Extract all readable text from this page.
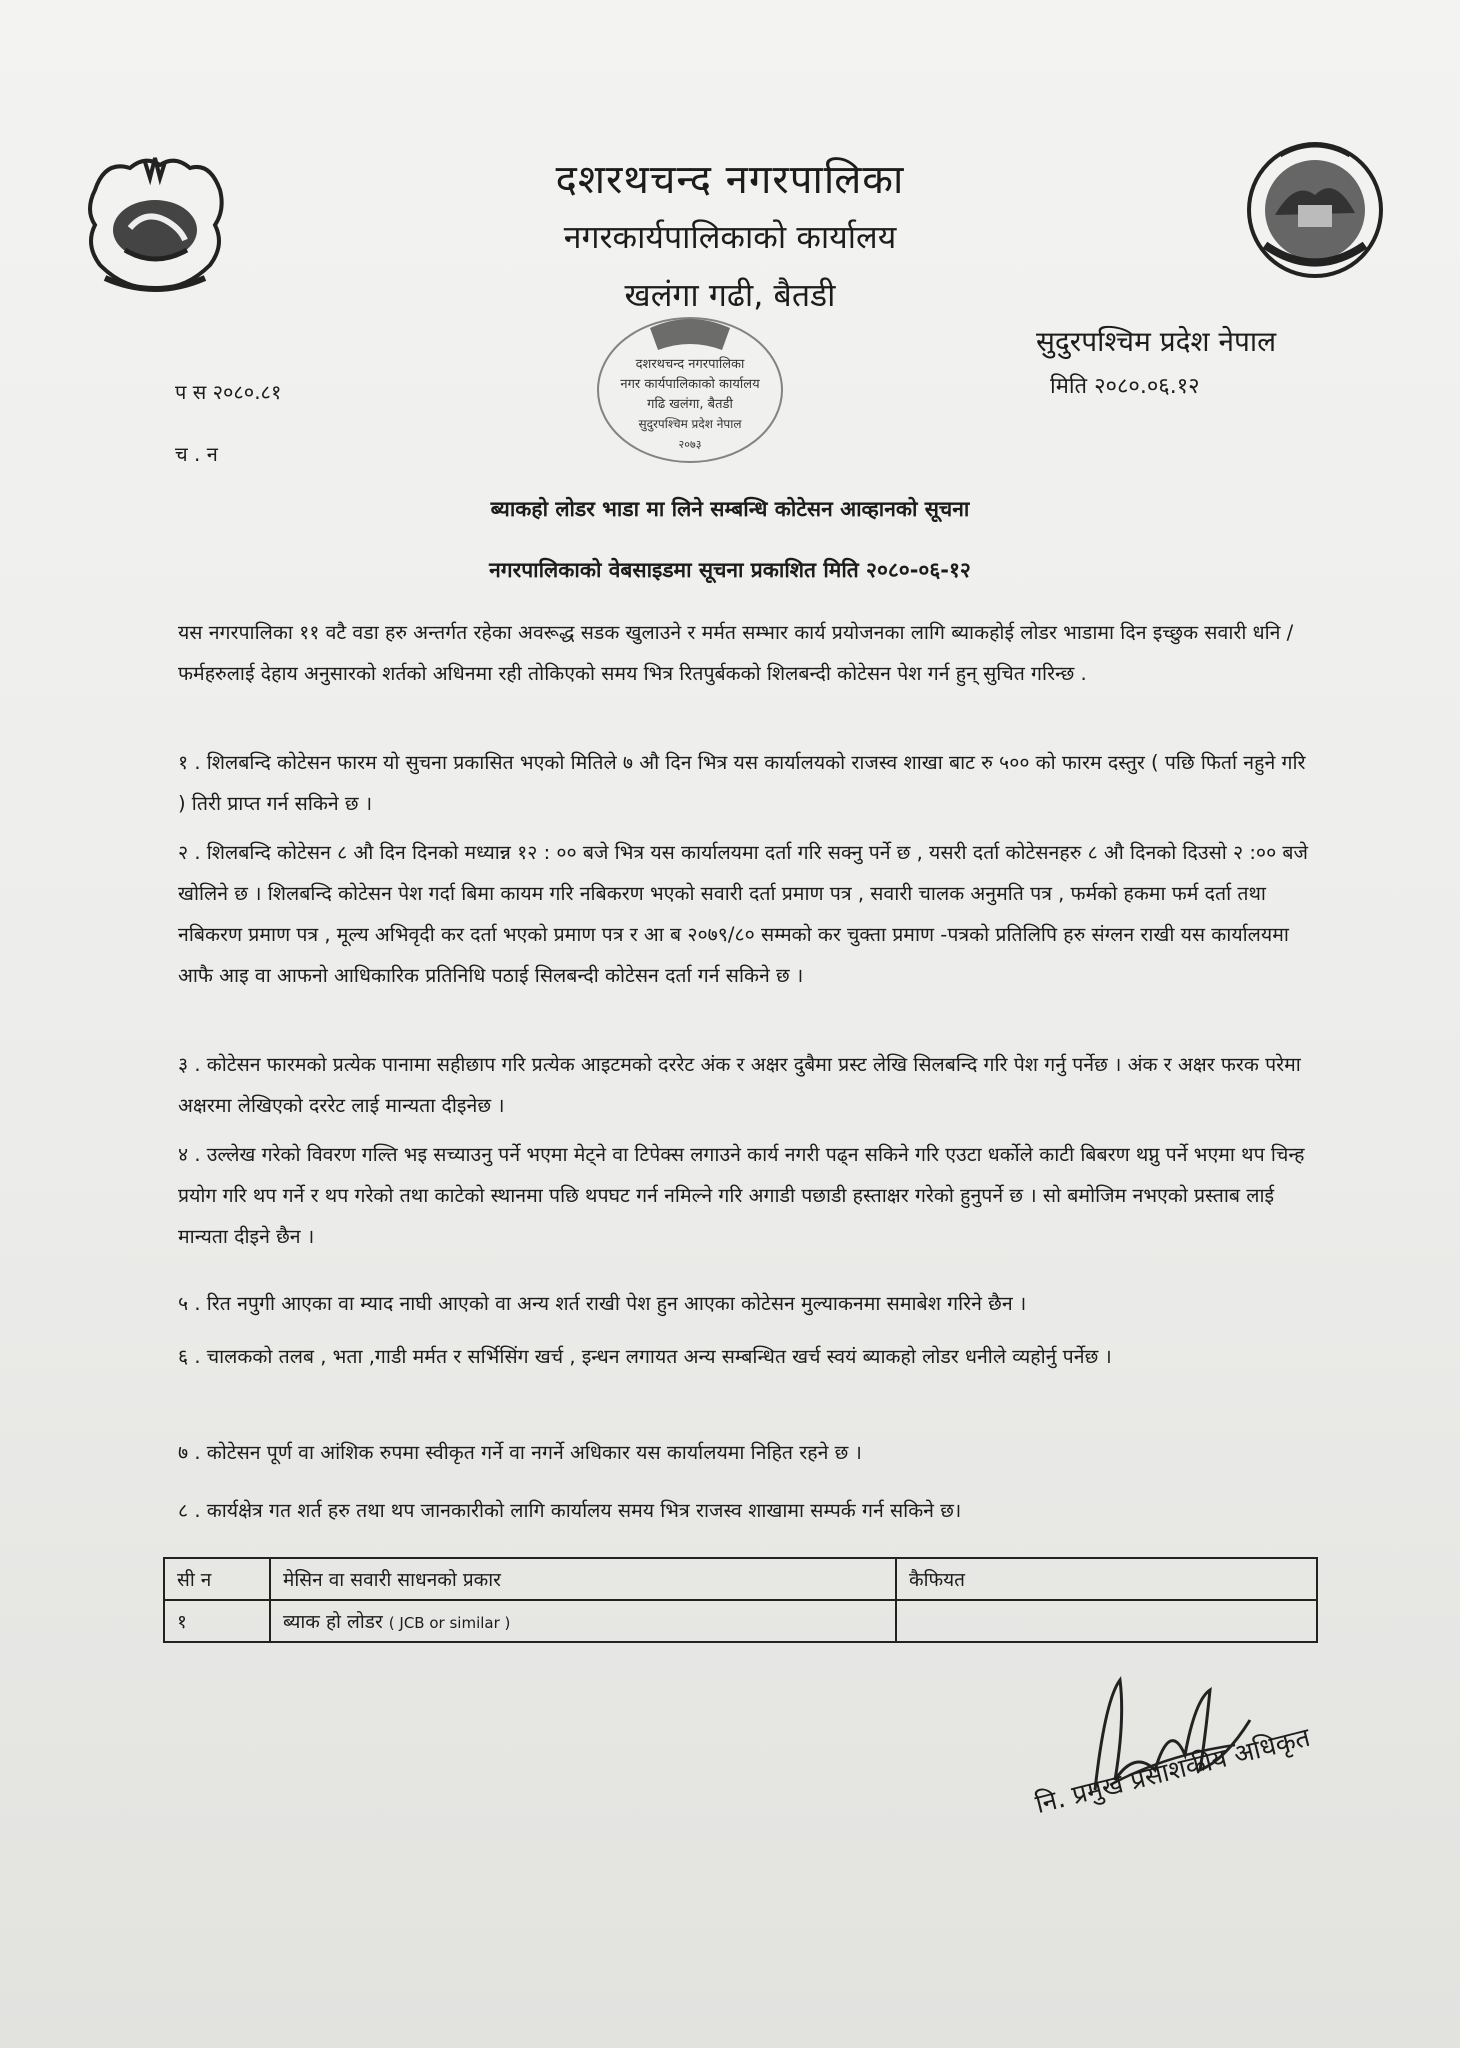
दशरथचन्द नगरपालिका
नगरकार्यपालिकाको कार्यालय
खलंगा गढी, बैतडी
सुदुरपश्चिम प्रदेश नेपाल
मिति २०८०.०६.१२
प स २०८०.८१
च . न
दशरथचन्द नगरपालिका
नगर कार्यपालिकाको कार्यालय
गढि खलंगा, बैतडी
सुदुरपश्चिम प्रदेश नेपाल
२०७३
ब्याकहो लोडर भाडा मा लिने सम्बन्धि कोटेसन आव्हानको सूचना
नगरपालिकाको वेबसाइडमा सूचना प्रकाशित मिति २०८०-०६-१२

यस नगरपालिका ११ वटै वडा हरु अन्तर्गत रहेका अवरूद्ध सडक खुलाउने र मर्मत सम्भार कार्य प्रयोजनका लागि ब्याकहोई लोडर भाडामा दिन इच्छुक सवारी धनि / फर्महरुलाई देहाय अनुसारको शर्तको अधिनमा रही तोकिएको समय भित्र रितपुर्बकको शिलबन्दी कोटेसन पेश गर्न हुन् सुचित गरिन्छ .

१ . शिलबन्दि कोटेसन फारम यो सुचना प्रकासित भएको मितिले ७ औ दिन भित्र यस कार्यालयको राजस्व शाखा बाट रु ५०० को फारम दस्तुर ( पछि फिर्ता नहुने गरि ) तिरी प्राप्त गर्न सकिने छ ।

२ . शिलबन्दि कोटेसन ८ औ दिन दिनको मध्यान्न १२ : ०० बजे भित्र यस कार्यालयमा दर्ता गरि सक्नु पर्ने छ , यसरी दर्ता कोटेसनहरु ८ औ दिनको दिउसो २ :०० बजे खोलिने छ । शिलबन्दि कोटेसन पेश गर्दा बिमा कायम गरि नबिकरण भएको सवारी दर्ता प्रमाण पत्र , सवारी चालक अनुमति पत्र , फर्मको हकमा फर्म दर्ता तथा नबिकरण प्रमाण पत्र , मूल्य अभिवृदी कर दर्ता भएको प्रमाण पत्र र आ ब २०७९/८० सम्मको कर चुक्ता प्रमाण -पत्रको प्रतिलिपि हरु संग्लन राखी यस कार्यालयमा आफै आइ वा आफनो आधिकारिक प्रतिनिधि पठाई सिलबन्दी कोटेसन दर्ता गर्न सकिने छ ।

३ . कोटेसन फारमको प्रत्येक पानामा सहीछाप गरि प्रत्येक आइटमको दररेट अंक र अक्षर दुबैमा प्रस्ट लेखि सिलबन्दि गरि पेश गर्नु पर्नेछ । अंक र अक्षर फरक परेमा अक्षरमा लेखिएको दररेट लाई मान्यता दीइनेछ ।

४ . उल्लेख गरेको विवरण गल्ति भइ सच्याउनु पर्ने भएमा मेट्ने वा टिपेक्स लगाउने कार्य नगरी पढ्न सकिने गरि एउटा धर्कोले काटी बिबरण थप्नु पर्ने भएमा थप चिन्ह प्रयोग गरि थप गर्ने र थप गरेको तथा काटेको स्थानमा पछि थपघट गर्न नमिल्ने गरि अगाडी पछाडी हस्ताक्षर गरेको हुनुपर्ने छ । सो बमोजिम नभएको प्रस्ताब लाई मान्यता दीइने छैन ।

५ . रित नपुगी आएका वा म्याद नाघी आएको वा अन्य शर्त राखी पेश हुन आएका कोटेसन मुल्याकनमा समाबेश गरिने छैन ।

६ . चालकको तलब , भता ,गाडी मर्मत र सर्भिसिंग खर्च , इन्धन लगायत अन्य सम्बन्धित खर्च स्वयं ब्याकहो लोडर धनीले व्यहोर्नु पर्नेछ ।

७ . कोटेसन पूर्ण वा आंशिक रुपमा स्वीकृत गर्ने वा नगर्ने अधिकार यस कार्यालयमा निहित रहने छ ।

८ . कार्यक्षेत्र गत शर्त हरु तथा थप जानकारीको लागि कार्यालय समय भित्र राजस्व शाखामा सम्पर्क गर्न सकिने छ।

सी न	मेसिन वा सवारी साधनको प्रकार	कैफियत
१	ब्याक हो लोडर ( JCB or similar )	
नि. प्रमुख प्रसाशकीय अधिकृत
